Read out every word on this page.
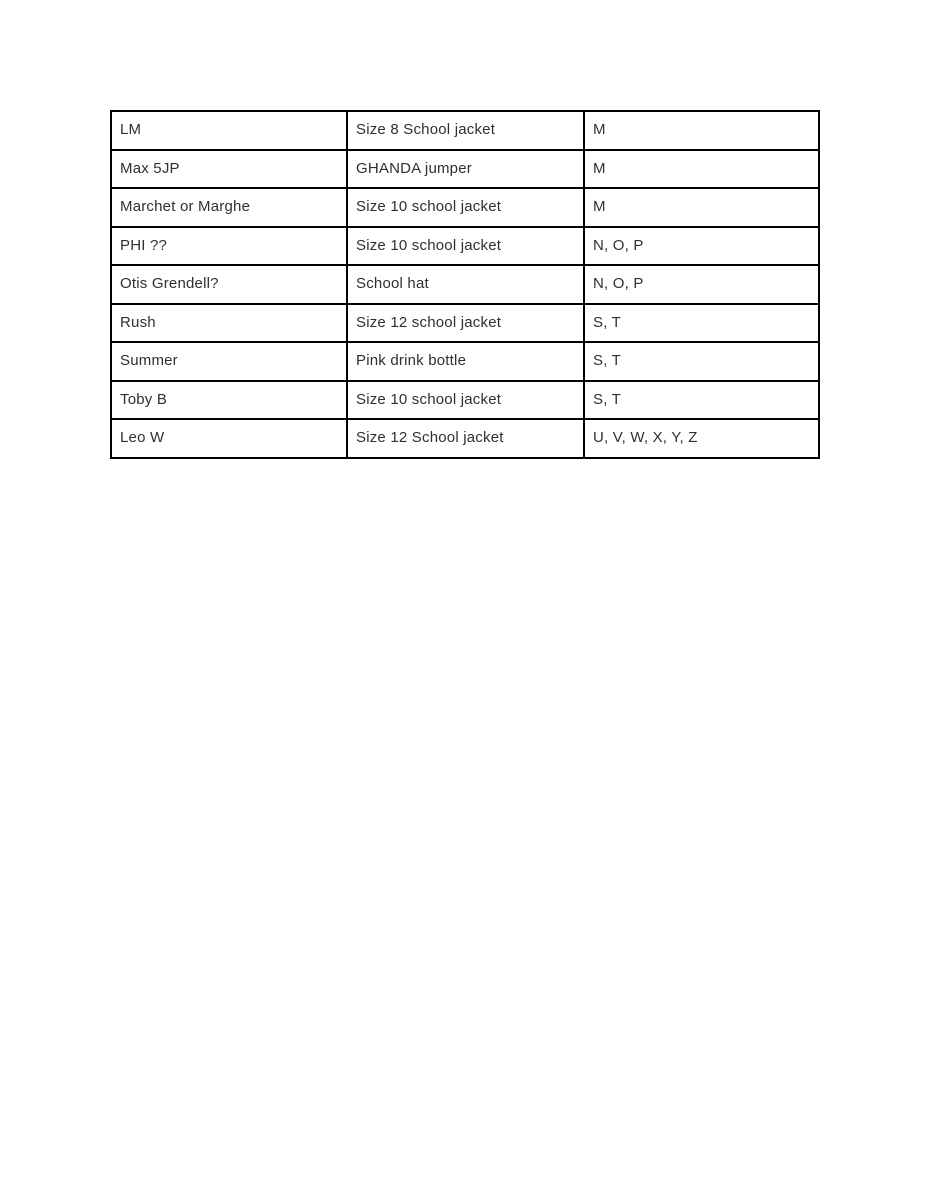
LM	Size 8 School jacket	M
Max 5JP	GHANDA jumper	M
Marchet or Marghe	Size 10 school jacket	M
PHI ??	Size 10 school jacket	N, O, P
Otis Grendell?	School hat	N, O, P
Rush	Size 12 school jacket	S, T
Summer	Pink drink bottle	S, T
Toby B	Size 10 school jacket	S, T
Leo W	Size 12 School jacket	U, V, W, X, Y, Z
